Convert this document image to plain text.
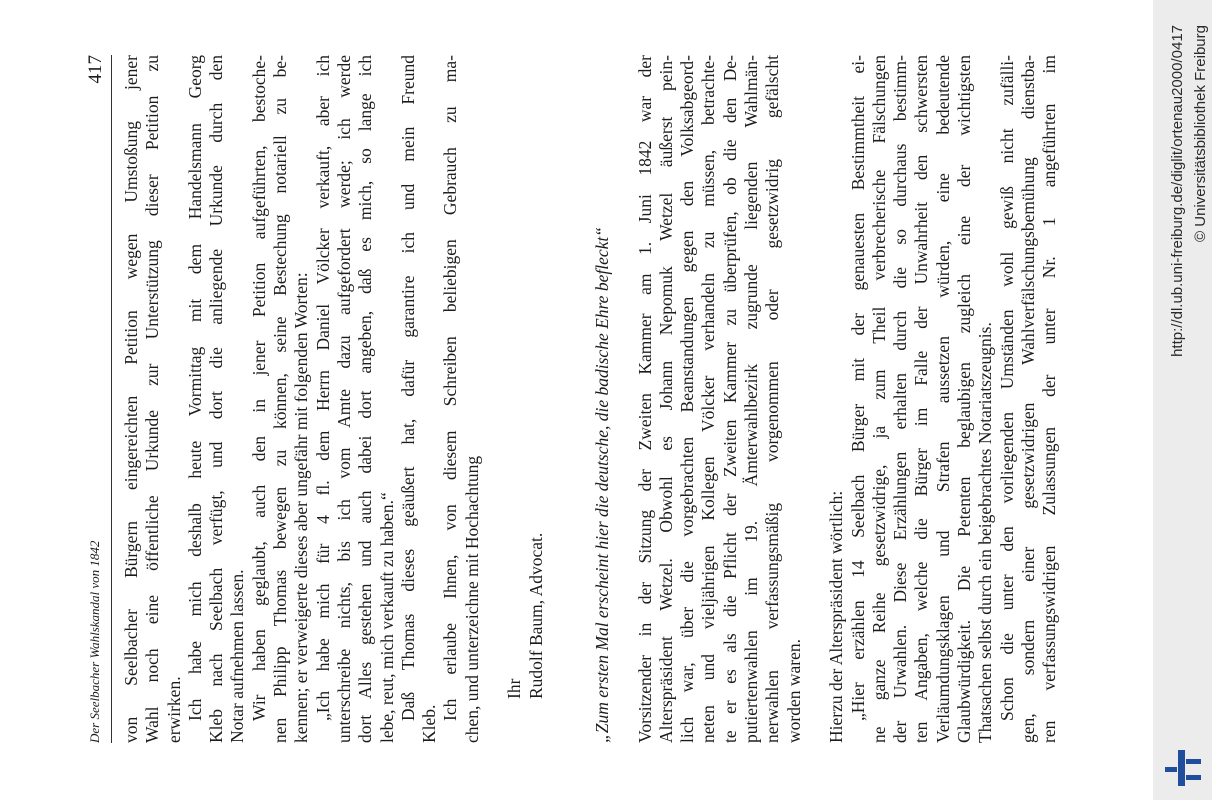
Der Seelbacher Wahlskandal von 1842
417 von Seelbacher Bürgern eingereichten Petition wegen Umstoßung jener Wahl noch eine öffentliche Urkunde zur Unterstützung dieser Petition zu erwirken. Ich habe mich deshalb heute Vormittag mit dem Handelsmann Georg Kleb nach Seelbach verfügt, und dort die anliegende Urkunde durch den Notar aufnehmen lassen. Wir haben geglaubt, auch den in jener Petition aufgeführten, bestoche- nen Philipp Thomas bewegen zu können, seine Bestechung notariell zu be- kennen; er verweigerte dieses aber ungefähr mit folgenden Worten: „Ich habe mich für 4 fl. dem Herrn Daniel Völcker verkauft, aber ich unterschreibe nichts, bis ich vom Amte dazu aufgefordert werde; ich werde dort Alles gestehen und auch dabei dort angeben, daß es mich, so lange ich lebe, reut, mich verkauft zu haben.“ Daß Thomas dieses geäußert hat, dafür garantire ich und mein Freund
Kleb.
Ich erlaube Ihnen, von diesem Schreiben beliebigen Gebrauch zu ma- chen, und unterzeichne mit Hochachtung Ihr Rudolf Baum, Advocat.	„Zum ersten Mal erscheint hier die deutsche, die badische Ehre befleckt“ Vorsitzender in der Sitzung der Zweiten Kammer am 1. Juni 1842 war der Alterspräsident Wetzel. Obwohl es Johann Nepomuk Wetzel äußerst pein- lich war, über die vorgebrachten Beanstandungen gegen den Volksabgeord- neten und vieljährigen Kollegen Völcker verhandeln zu müssen, betrachte- te er es als die Pflicht der Zweiten Kammer zu überprüfen, ob die den De- putiertenwahlen im 19. Ämterwahlbezirk zugrunde liegenden Wahlmän- nerwahlen verfassungsmäßig vorgenommen oder gesetzwidrig gefälscht worden waren. Hierzu der Alterspräsident wörtlich: „Hier erzählen 14 Seelbach Bürger mit der genauesten Bestimmtheit ei- ne ganze Reihe gesetzwidrige, ja zum Theil verbrecherische Fälschungen der Urwahlen. Diese Erzählungen erhalten durch die so durchaus bestimm- ten Angaben, welche die Bürger im Falle der Unwahrheit den schwersten Verläumdungsklagen und Strafen aussetzen würden, eine bedeutende Glaubwürdigkeit. Die Petenten beglaubigen zugleich eine der wichtigsten Thatsachen selbst durch ein beigebrachtes Notariatszeugnis. Schon die unter den vorliegenden Umständen wohl gewiß nicht zufälli- gen, sondern einer gesetzwidrigen Wahlverfälschungsbemühung dienstba- ren verfassungswidrigen Zulassungen der unter Nr. 1 angeführten im	http://dl.ub.uni-freiburg.de/diglit/ortenau2000/0417 © Universitätsbibliothek Freiburg
